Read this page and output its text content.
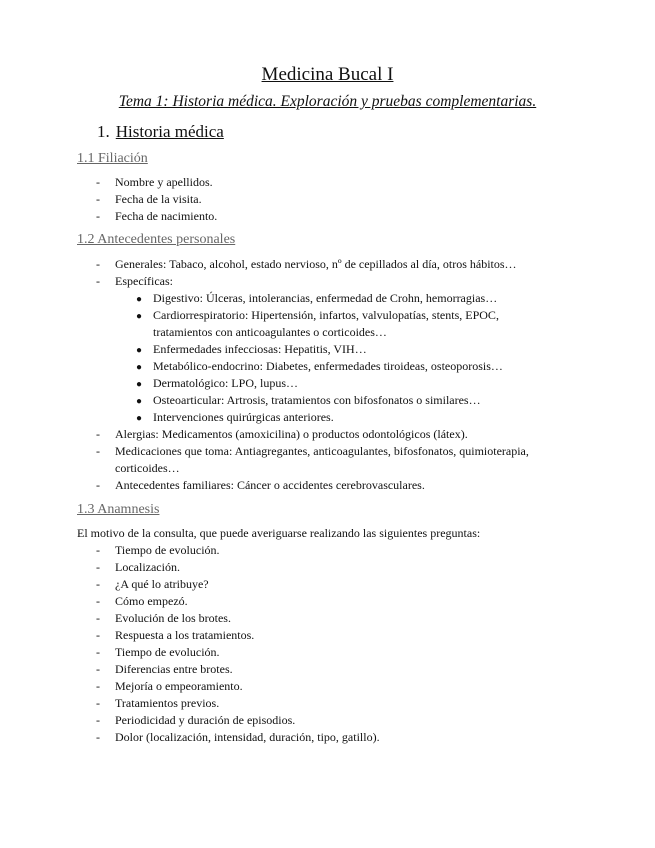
Medicina Bucal I
Tema 1: Historia médica. Exploración y pruebas complementarias.
1. Historia médica
1.1 Filiación
- Nombre y apellidos.
- Fecha de la visita.
- Fecha de nacimiento.
1.2 Antecedentes personales
- Generales: Tabaco, alcohol, estado nervioso, nº de cepillados al día, otros hábitos…
- Específicas:
● Digestivo: Úlceras, intolerancias, enfermedad de Crohn, hemorragias…
● Cardiorrespiratorio: Hipertensión, infartos, valvulopatías, stents, EPOC,
tratamientos con anticoagulantes o corticoides…
● Enfermedades infecciosas: Hepatitis, VIH…
● Metabólico-endocrino: Diabetes, enfermedades tiroideas, osteoporosis…
● Dermatológico: LPO, lupus…
● Osteoarticular: Artrosis, tratamientos con bifosfonatos o similares…
● Intervenciones quirúrgicas anteriores.
- Alergias: Medicamentos (amoxicilina) o productos odontológicos (látex).
- Medicaciones que toma: Antiagregantes, anticoagulantes, bifosfonatos, quimioterapia,
corticoides…
- Antecedentes familiares: Cáncer o accidentes cerebrovasculares.
1.3 Anamnesis
El motivo de la consulta, que puede averiguarse realizando las siguientes preguntas:
- Tiempo de evolución.
- Localización.
- ¿A qué lo atribuye?
- Cómo empezó.
- Evolución de los brotes.
- Respuesta a los tratamientos.
- Tiempo de evolución.
- Diferencias entre brotes.
- Mejoría o empeoramiento.
- Tratamientos previos.
- Periodicidad y duración de episodios.
- Dolor (localización, intensidad, duración, tipo, gatillo).
